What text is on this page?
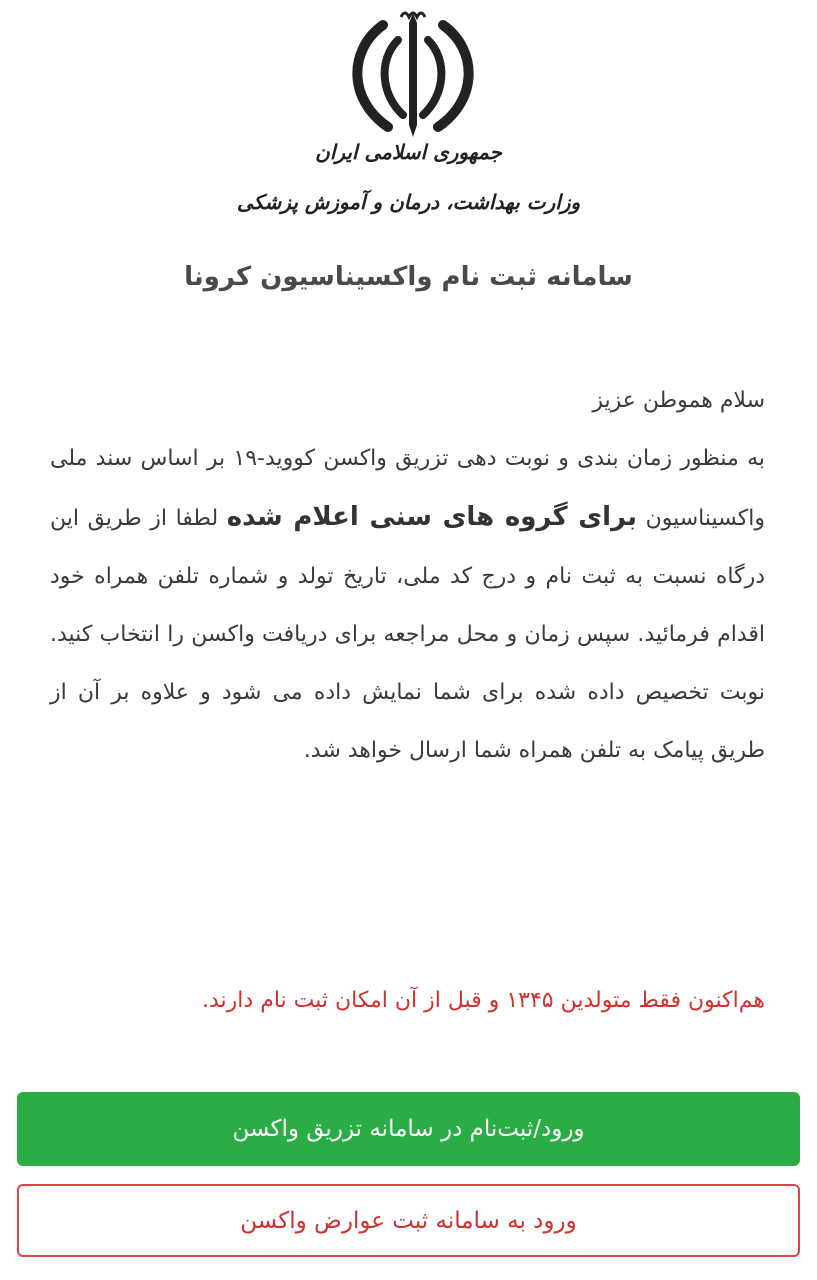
جمهوری اسلامی ایران
وزارت بهداشت، درمان و آموزش پزشکی
سامانه ثبت نام واکسیناسیون کرونا

سلام هموطن عزیز

به منظور زمان بندی و نوبت دهی تزریق واکسن کووید-۱۹ بر اساس سند ملی واکسیناسیون برای گروه های سنی اعلام شده لطفا از طریق این درگاه نسبت به ثبت نام و درج کد ملی، تاریخ تولد و شماره تلفن همراه خود اقدام فرمائید. سپس زمان و محل مراجعه برای دریافت واکسن را انتخاب کنید. نوبت تخصیص داده شده برای شما نمایش داده می شود و علاوه بر آن از طریق پیامک به تلفن همراه شما ارسال خواهد شد.

هم‌اکنون فقط متولدین ۱۳۴۵ و قبل از آن امکان ثبت نام دارند.
ورود/ثبت‌نام در سامانه تزریق واکسن
ورود به سامانه ثبت عوارض واکسن
